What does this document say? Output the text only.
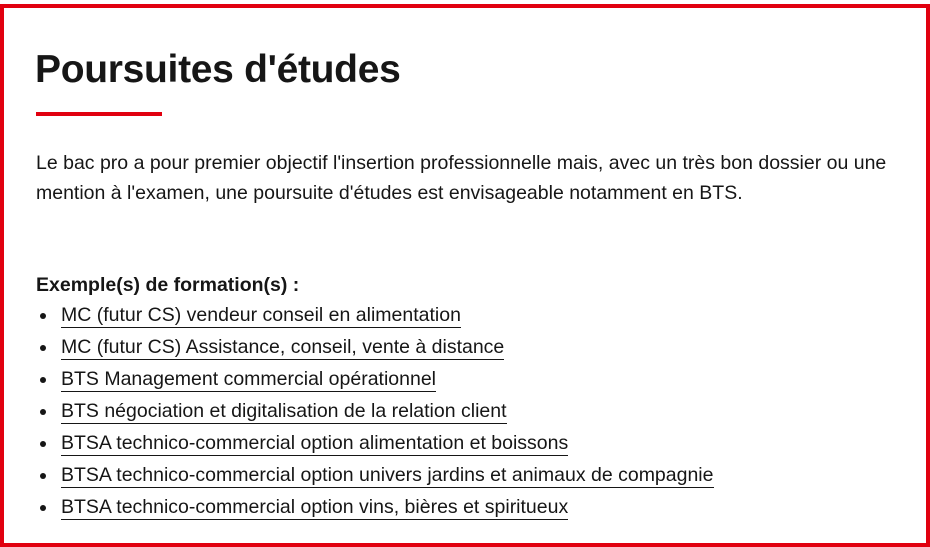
Poursuites d'études

Le bac pro a pour premier objectif l'insertion professionnelle mais, avec un très bon dossier ou une mention à l'examen, une poursuite d'études est envisageable notamment en BTS.

Exemple(s) de formation(s) :

MC (futur CS) vendeur conseil en alimentation
MC (futur CS) Assistance, conseil, vente à distance
BTS Management commercial opérationnel
BTS négociation et digitalisation de la relation client
BTSA technico-commercial option alimentation et boissons
BTSA technico-commercial option univers jardins et animaux de compagnie
BTSA technico-commercial option vins, bières et spiritueux
